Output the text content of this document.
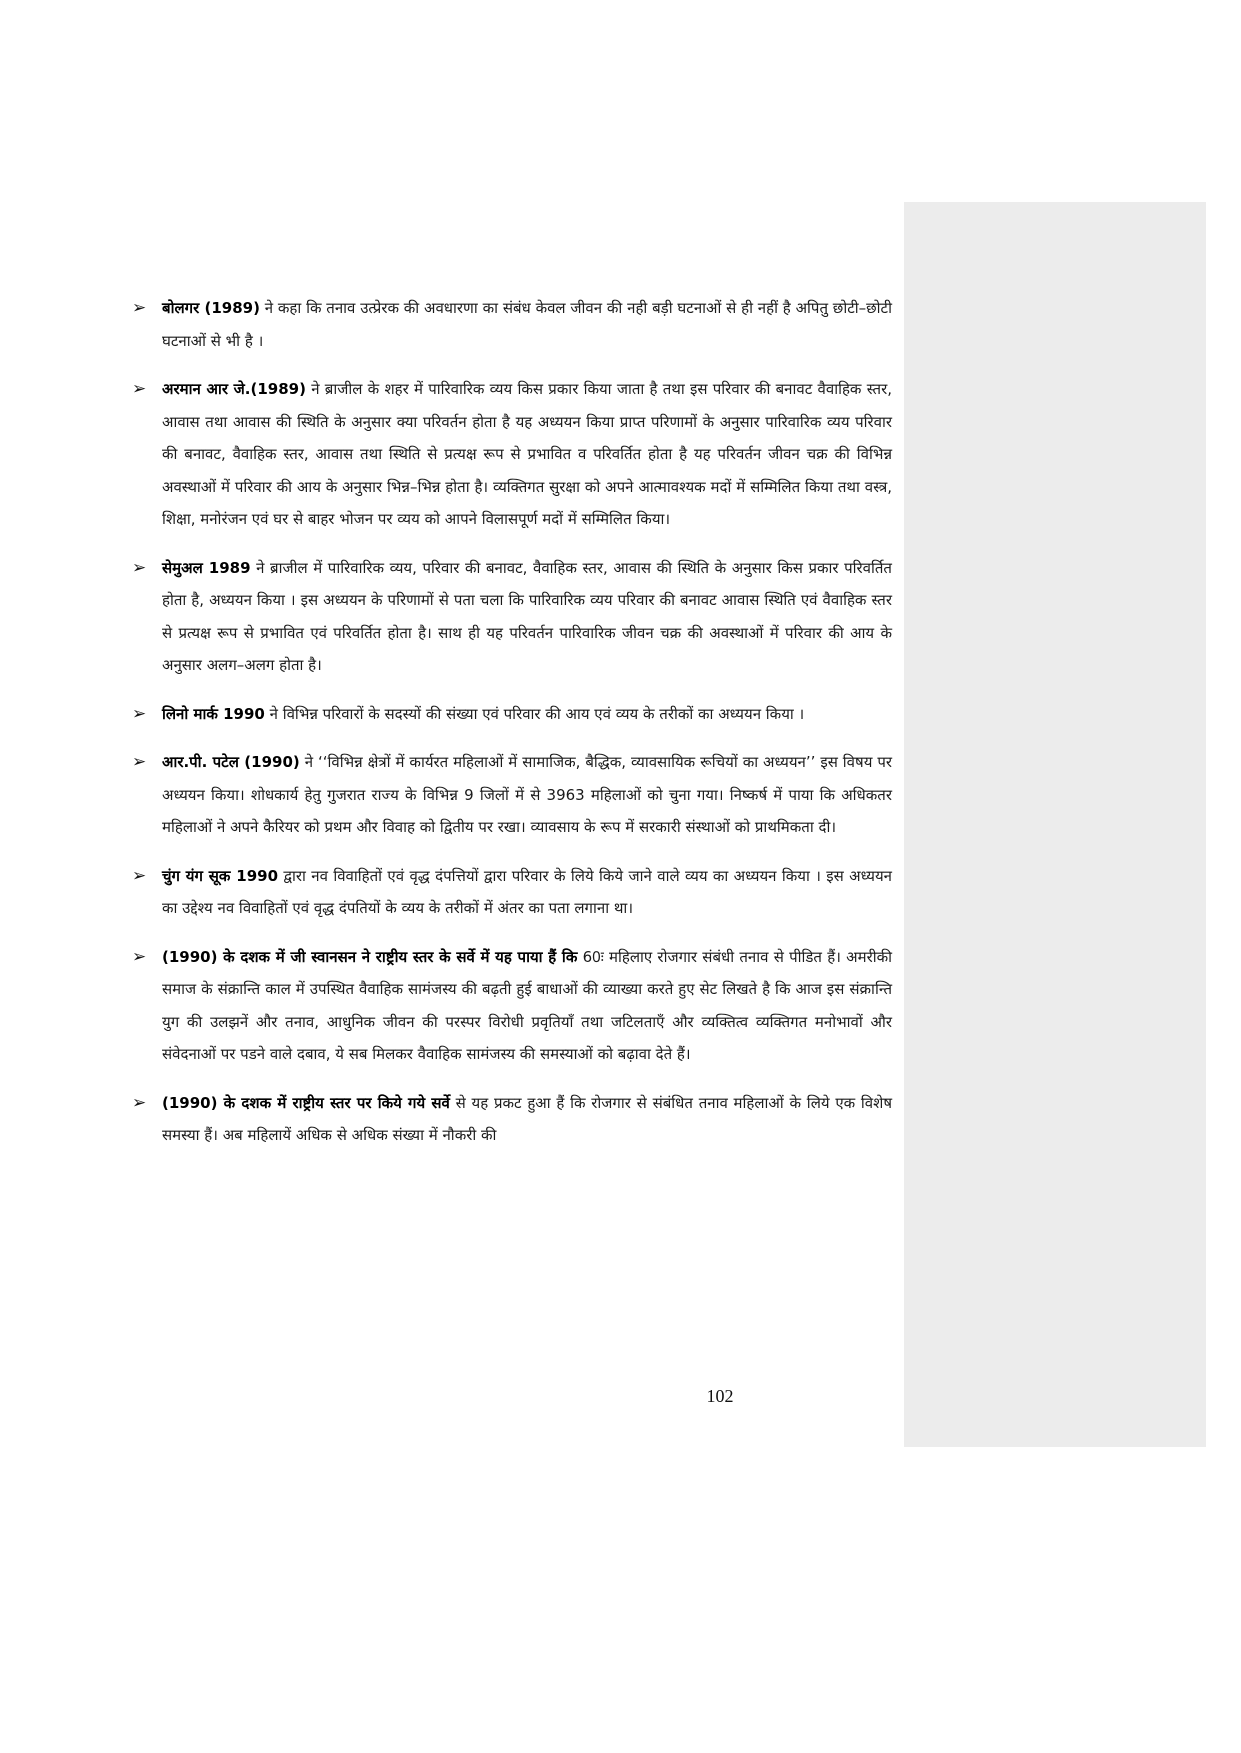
➢ बोलगर (1989) ने कहा कि तनाव उत्प्रेरक की अवधारणा का संबंध केवल जीवन की नही बड़ी घटनाओं से ही नहीं है अपितु छोटी–छोटी घटनाओं से भी है ।
➢ अरमान आर जे.(1989) ने ब्राजील के शहर में पारिवारिक व्यय किस प्रकार किया जाता है तथा इस परिवार की बनावट वैवाहिक स्तर, आवास तथा आवास की स्थिति के अनुसार क्या परिवर्तन होता है यह अध्ययन किया प्राप्त परिणामों के अनुसार पारिवारिक व्यय परिवार की बनावट, वैवाहिक स्तर, आवास तथा स्थिति से प्रत्यक्ष रूप से प्रभावित व परिवर्तित होता है यह परिवर्तन जीवन चक्र की विभिन्न अवस्थाओं में परिवार की आय के अनुसार भिन्न–भिन्न होता है। व्यक्तिगत सुरक्षा को अपने आत्मावश्यक मदों में सम्मिलित किया तथा वस्त्र, शिक्षा, मनोरंजन एवं घर से बाहर भोजन पर व्यय को आपने विलासपूर्ण मदों में सम्मिलित किया।
➢ सेमुअल 1989 ने ब्राजील में पारिवारिक व्यय, परिवार की बनावट, वैवाहिक स्तर, आवास की स्थिति के अनुसार किस प्रकार परिवर्तित होता है, अध्ययन किया । इस अध्ययन के परिणामों से पता चला कि पारिवारिक व्यय परिवार की बनावट आवास स्थिति एवं वैवाहिक स्तर से प्रत्यक्ष रूप से प्रभावित एवं परिवर्तित होता है। साथ ही यह परिवर्तन पारिवारिक जीवन चक्र की अवस्थाओं में परिवार की आय के अनुसार अलग–अलग होता है।
➢ लिनो मार्क 1990 ने विभिन्न परिवारों के सदस्यों की संख्या एवं परिवार की आय एवं व्यय के तरीकों का अध्ययन किया ।
➢ आर.पी. पटेल (1990) ने ‘‘विभिन्न क्षेत्रों में कार्यरत महिलाओं में सामाजिक, बैद्धिक, व्यावसायिक रूचियों का अध्ययन’’ इस विषय पर अध्ययन किया। शोधकार्य हेतु गुजरात राज्य के विभिन्न 9 जिलों में से 3963 महिलाओं को चुना गया। निष्कर्ष में पाया कि अधिकतर महिलाओं ने अपने कैरियर को प्रथम और विवाह को द्वितीय पर रखा। व्यावसाय के रूप में सरकारी संस्थाओं को प्राथमिकता दी।
➢ चुंग यंग सूक 1990 द्वारा नव विवाहितों एवं वृद्ध दंपत्तियों द्वारा परिवार के लिये किये जाने वाले व्यय का अध्ययन किया । इस अध्ययन का उद्देश्य नव विवाहितों एवं वृद्ध दंपतियों के व्यय के तरीकों में अंतर का पता लगाना था।
➢ (1990) के दशक में जी स्वानसन ने राष्ट्रीय स्तर के सर्वे में यह पाया हैं कि 60ः महिलाए रोजगार संबंधी तनाव से पीडित हैं। अमरीकी समाज के संक्रान्ति काल में उपस्थित वैवाहिक सामंजस्य की बढ़ती हुई बाधाओं की व्याख्या करते हुए सेट लिखते है कि आज इस संक्रान्ति युग की उलझनें और तनाव, आधुनिक जीवन की परस्पर विरोधी प्रवृतियाँ तथा जटिलताएँ और व्यक्तित्व व्यक्तिगत मनोभावों और संवेदनाओं पर पडने वाले दबाव, ये सब मिलकर वैवाहिक सामंजस्य की समस्याओं को बढ़ावा देते हैं।
➢ (1990) के दशक में राष्ट्रीय स्तर पर किये गये सर्वे से यह प्रकट हुआ हैं कि रोजगार से संबंधित तनाव महिलाओं के लिये एक विशेष समस्या हैं। अब महिलायें अधिक से अधिक संख्या में नौकरी की
102
